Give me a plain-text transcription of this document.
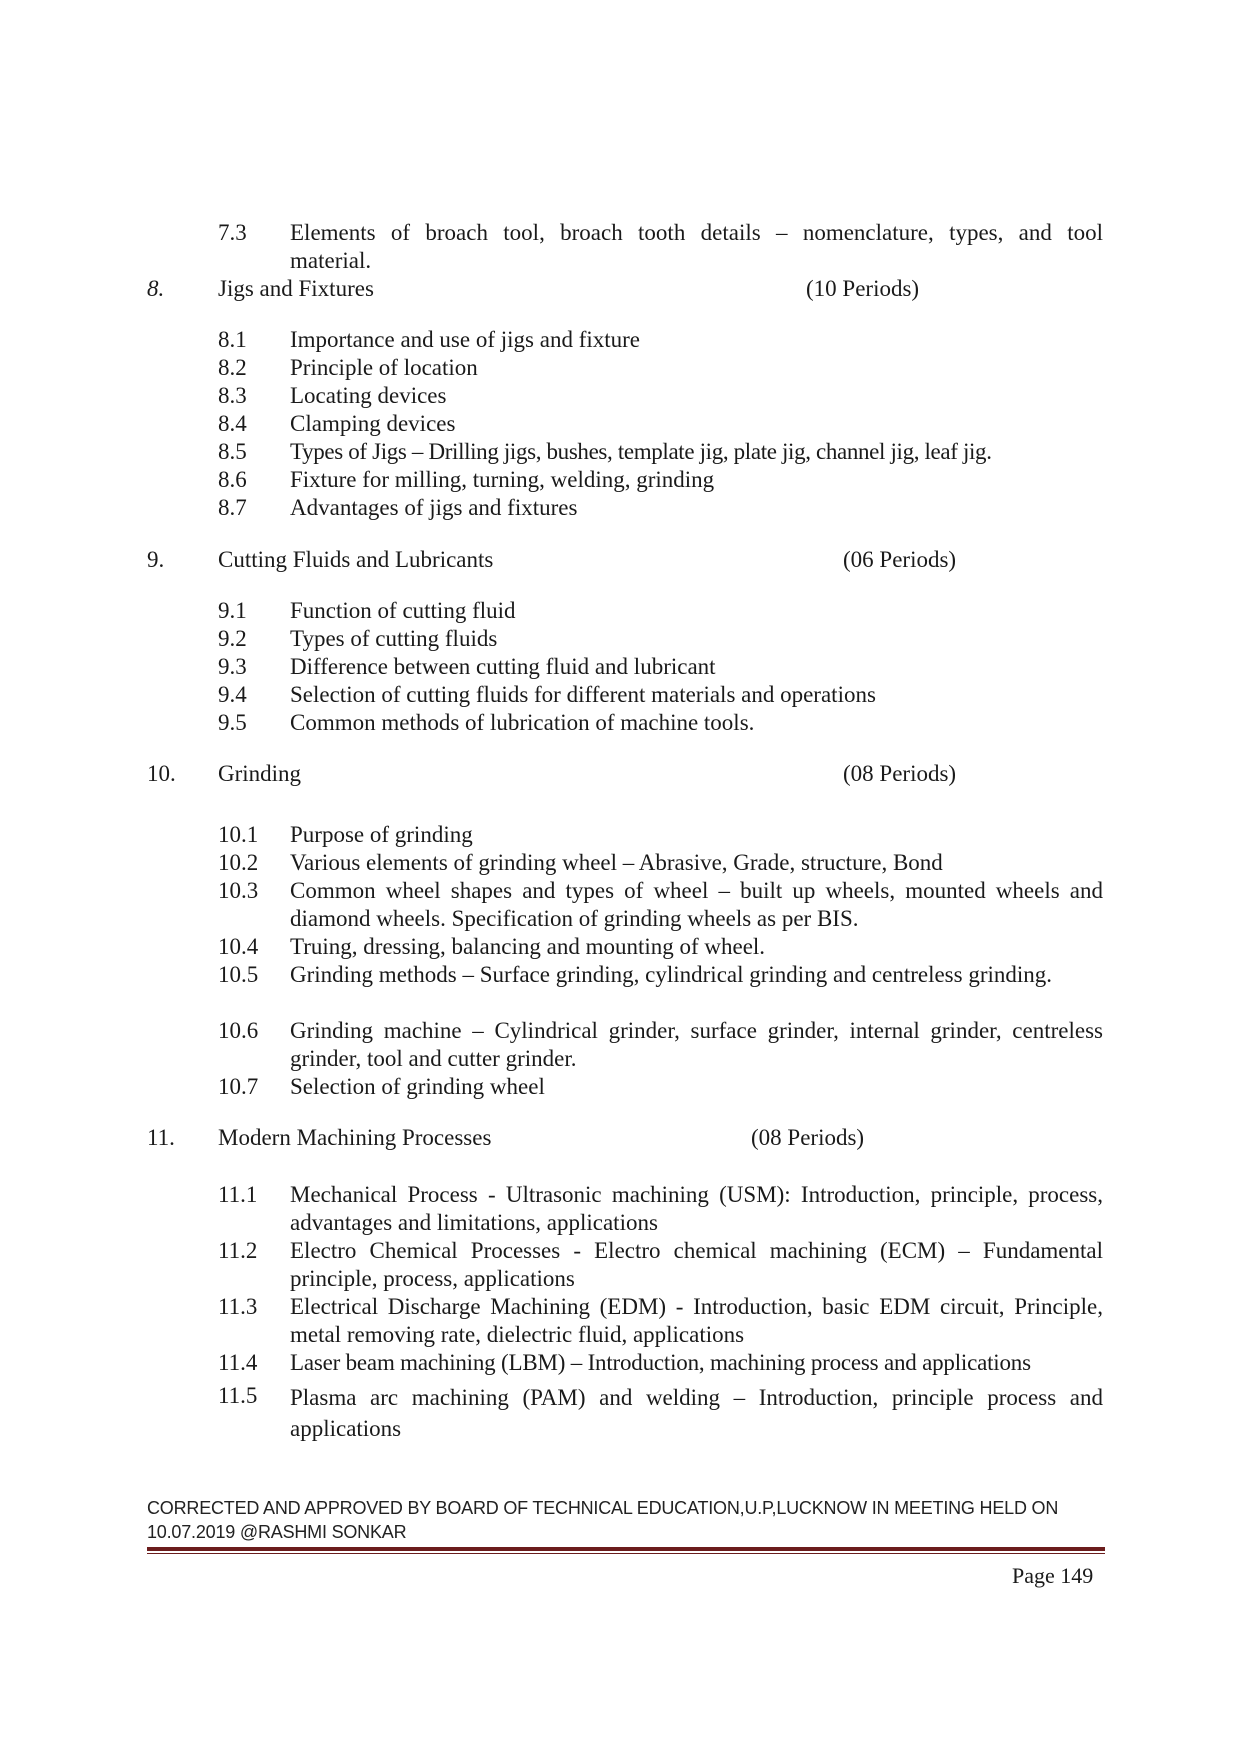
7.3 Elements of broach tool, broach tooth details – nomenclature, types, and tool
material.
8. Jigs and Fixtures	(10 Periods)
8.1 Importance and use of jigs and fixture
8.2 Principle of location
8.3 Locating devices
8.4 Clamping devices
8.5 Types of Jigs – Drilling jigs, bushes, template jig, plate jig, channel jig, leaf jig.
8.6 Fixture for milling, turning, welding, grinding
8.7 Advantages of jigs and fixtures
9. Cutting Fluids and Lubricants	(06 Periods)
9.1 Function of cutting fluid
9.2 Types of cutting fluids
9.3 Difference between cutting fluid and lubricant
9.4 Selection of cutting fluids for different materials and operations
9.5 Common methods of lubrication of machine tools.
10. Grinding	(08 Periods)
10.1 Purpose of grinding
10.2 Various elements of grinding wheel – Abrasive, Grade, structure, Bond
10.3 Common wheel shapes and types of wheel – built up wheels, mounted wheels and diamond wheels. Specification of grinding wheels as per BIS.
10.4 Truing, dressing, balancing and mounting of wheel.
10.5 Grinding methods – Surface grinding, cylindrical grinding and centreless grinding.
10.6 Grinding machine – Cylindrical grinder, surface grinder, internal grinder, centreless grinder, tool and cutter grinder.
10.7 Selection of grinding wheel
11. Modern Machining Processes	(08 Periods)
11.1 Mechanical Process - Ultrasonic machining (USM): Introduction, principle, process, advantages and limitations, applications
11.2 Electro Chemical Processes - Electro chemical machining (ECM) – Fundamental principle, process, applications
11.3 Electrical Discharge Machining (EDM) - Introduction, basic EDM circuit, Principle, metal removing rate, dielectric fluid, applications
11.4 Laser beam machining (LBM) – Introduction, machining process and applications
11.5 Plasma arc machining (PAM) and welding – Introduction, principle process and applications
CORRECTED AND APPROVED BY BOARD OF TECHNICAL EDUCATION,U.P,LUCKNOW IN MEETING HELD ON
10.07.2019 @RASHMI SONKAR
Page 149
